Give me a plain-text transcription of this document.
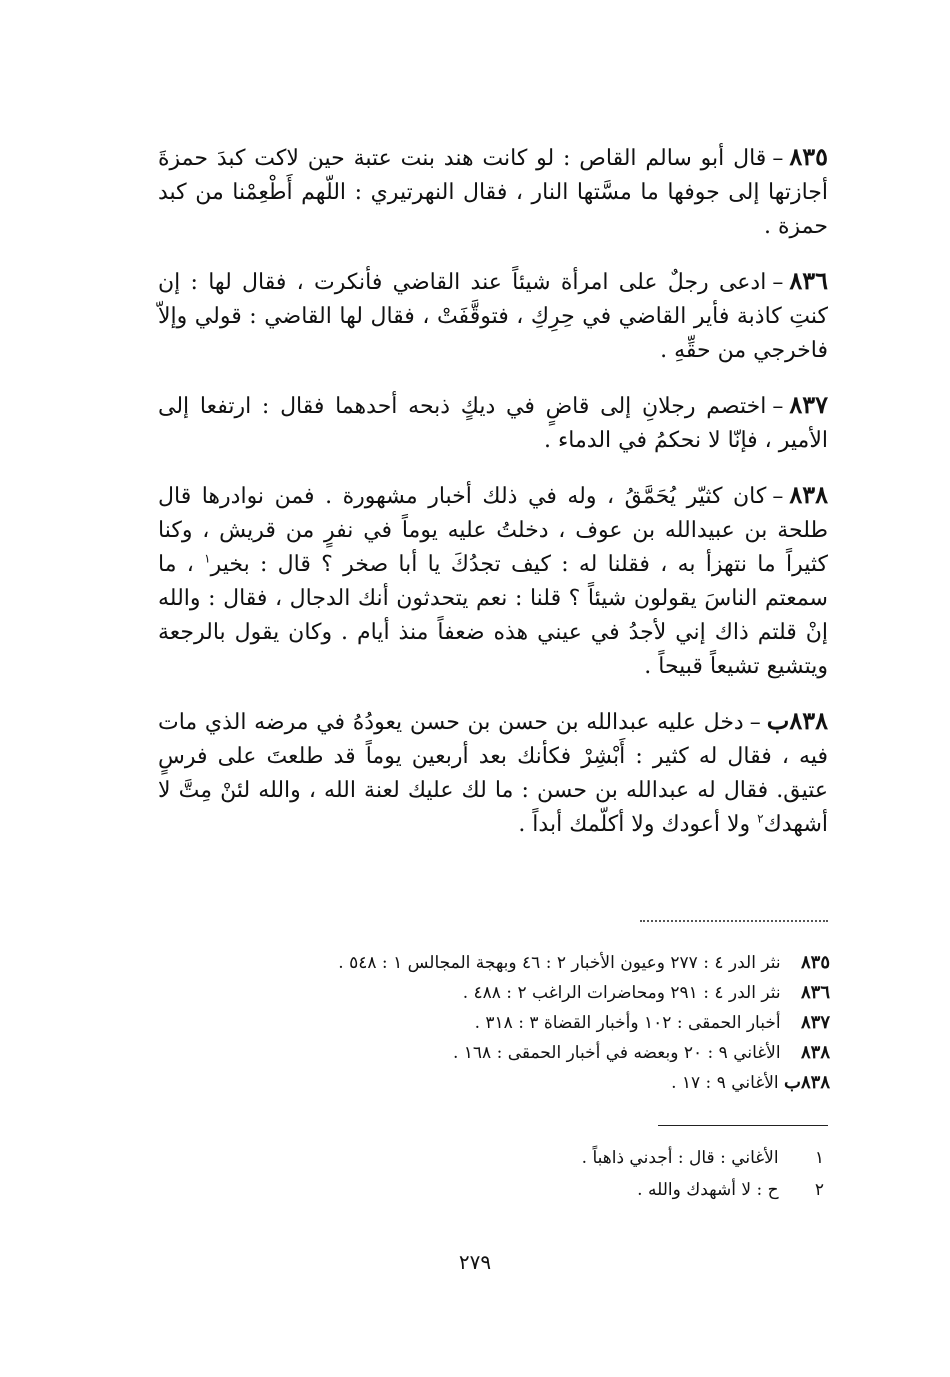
٨٣٥–قال أبو سالم القاص : لو كانت هند بنت عتبة حين لاكت كبدَ حمزةَ أجازتها إلى جوفها ما مسَّتها النار ، فقال النهرتيري : اللّهم أَطْعِمْنا من كبد حمزة .

٨٣٦–ادعى رجلٌ على امرأة شيئاً عند القاضي فأنكرت ، فقال لها : إن كنتِ كاذبة فأير القاضي في حِرِكِ ، فتوقَّفَتْ ، فقال لها القاضي : قولي وإلاّ فاخرجي من حقِّهِ .

٨٣٧–اختصم رجلانِ إلى قاضٍ في ديكٍ ذبحه أحدهما فقال : ارتفعا إلى الأمير ، فإنّا لا نحكمُ في الدماء .

٨٣٨–كان كثيّر يُحَمَّقُ ، وله في ذلك أخبار مشهورة . فمن نوادرها قال طلحة بن عبيدالله بن عوف ، دخلتُ عليه يوماً في نفرٍ من قريش ، وكنا كثيراً ما نتهزأ به ، فقلنا له : كيف تجدُكَ يا أبا صخر ؟ قال : بخير$^١$ ، ما سمعتم الناسَ يقولون شيئاً ؟ قلنا : نعم يتحدثون أنك الدجال ، فقال : والله إنْ قلتم ذاك إني لأجدُ في عيني هذه ضعفاً منذ أيام . وكان يقول بالرجعة ويتشيع تشيعاً قبيحاً .

٨٣٨ب–دخل عليه عبدالله بن حسن بن حسن يعودُهُ في مرضه الذي مات فيه ، فقال له كثير : أَبْشِرْ فكأنك بعد أربعين يوماً قد طلعتَ على فرسٍ عتيق. فقال له عبدالله بن حسن : ما لك عليك لعنة الله ، والله لئنْ مِتَّ لا أشهدك$^٢$ ولا أعودك ولا أكلّمك أبداً .

٨٣٥ نثر الدر ٤ : ٢٧٧ وعيون الأخبار ٢ : ٤٦ وبهجة المجالس ١ : ٥٤٨ .
٨٣٦ نثر الدر ٤ : ٢٩١ ومحاضرات الراغب ٢ : ٤٨٨ .
٨٣٧ أخبار الحمقى : ١٠٢ وأخبار القضاة ٣ : ٣١٨ .
٨٣٨ الأغاني ٩ : ٢٠ وبعضه في أخبار الحمقى : ١٦٨ .
٨٣٨ب الأغاني ٩ : ١٧ .
١ الأغاني : قال : أجدني ذاهباً .
٢ ح : لا أشهدك والله .
٢٧٩
